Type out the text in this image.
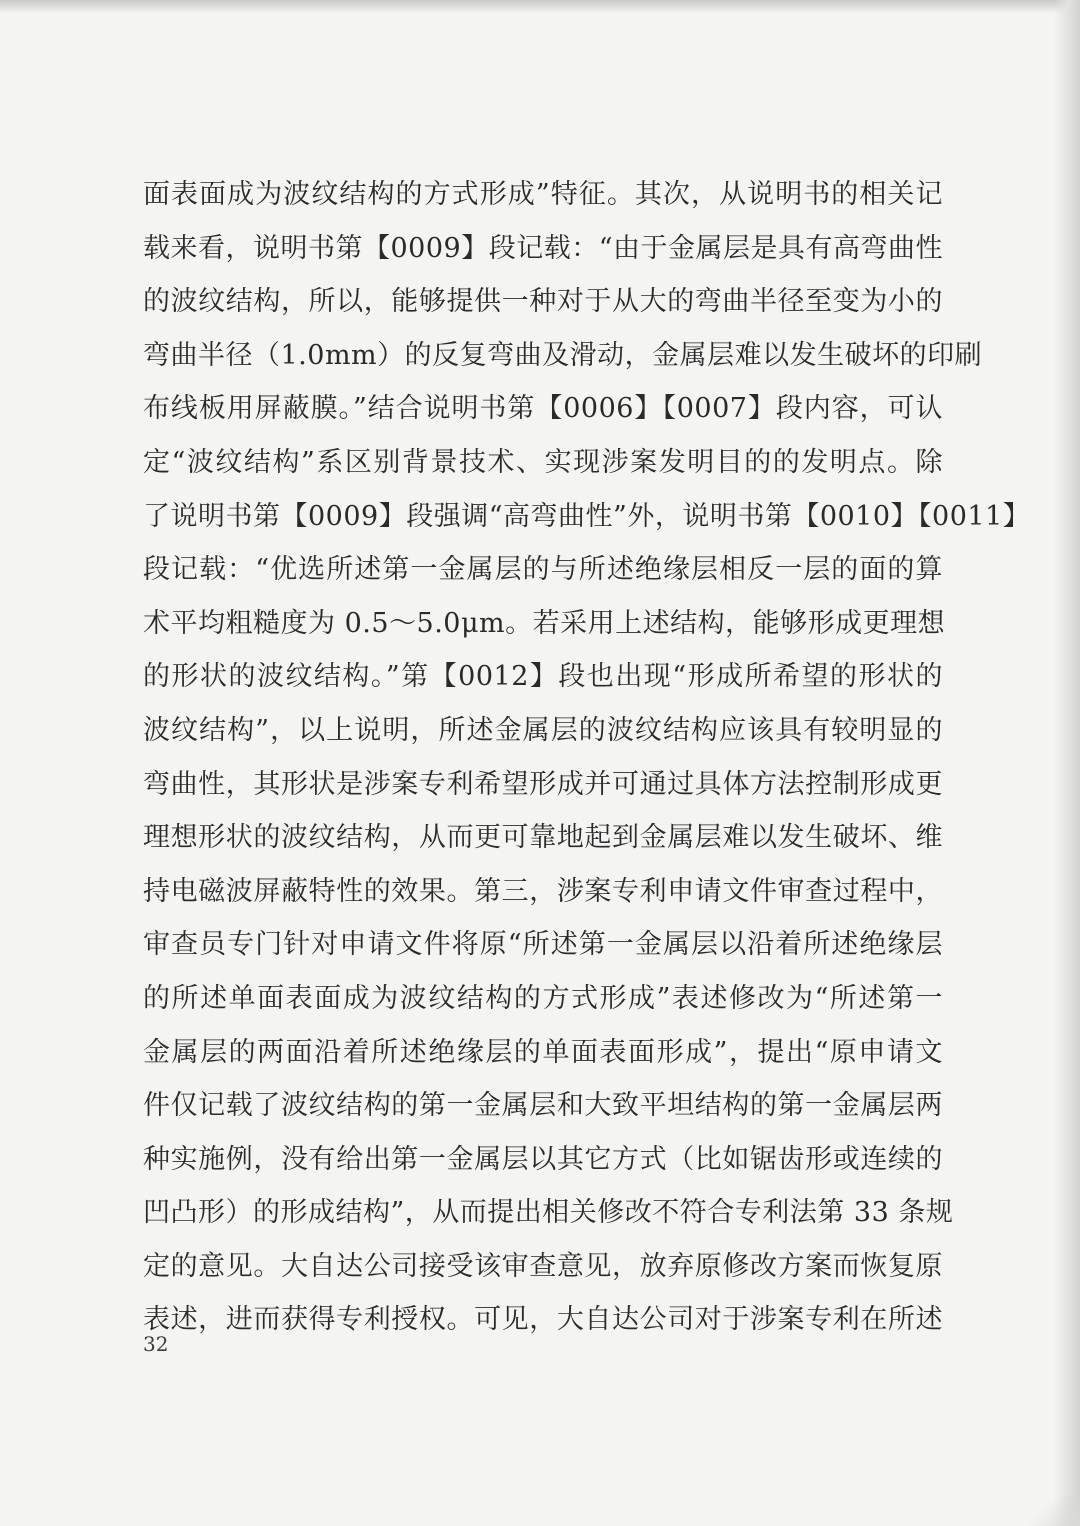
面表面成为波纹结构的方式形成”特征。其次，从说明书的相关记
载来看，说明书第【0009】段记载：“由于金属层是具有高弯曲性
的波纹结构，所以，能够提供一种对于从大的弯曲半径至变为小的
弯曲半径（1.0mm）的反复弯曲及滑动，金属层难以发生破坏的印刷
布线板用屏蔽膜。”结合说明书第【0006】【0007】段内容，可认
定“波纹结构”系区别背景技术、实现涉案发明目的的发明点。除
了说明书第【0009】段强调“高弯曲性”外，说明书第【0010】【0011】
段记载：“优选所述第一金属层的与所述绝缘层相反一层的面的算
术平均粗糙度为 0.5～5.0μm。若采用上述结构，能够形成更理想
的形状的波纹结构。”第【0012】段也出现“形成所希望的形状的
波纹结构”，以上说明，所述金属层的波纹结构应该具有较明显的
弯曲性，其形状是涉案专利希望形成并可通过具体方法控制形成更
理想形状的波纹结构，从而更可靠地起到金属层难以发生破坏、维
持电磁波屏蔽特性的效果。第三，涉案专利申请文件审查过程中，
审查员专门针对申请文件将原“所述第一金属层以沿着所述绝缘层
的所述单面表面成为波纹结构的方式形成”表述修改为“所述第一
金属层的两面沿着所述绝缘层的单面表面形成”，提出“原申请文
件仅记载了波纹结构的第一金属层和大致平坦结构的第一金属层两
种实施例，没有给出第一金属层以其它方式（比如锯齿形或连续的
凹凸形）的形成结构”，从而提出相关修改不符合专利法第 33 条规
定的意见。大自达公司接受该审查意见，放弃原修改方案而恢复原
表述，进而获得专利授权。可见，大自达公司对于涉案专利在所述
32
